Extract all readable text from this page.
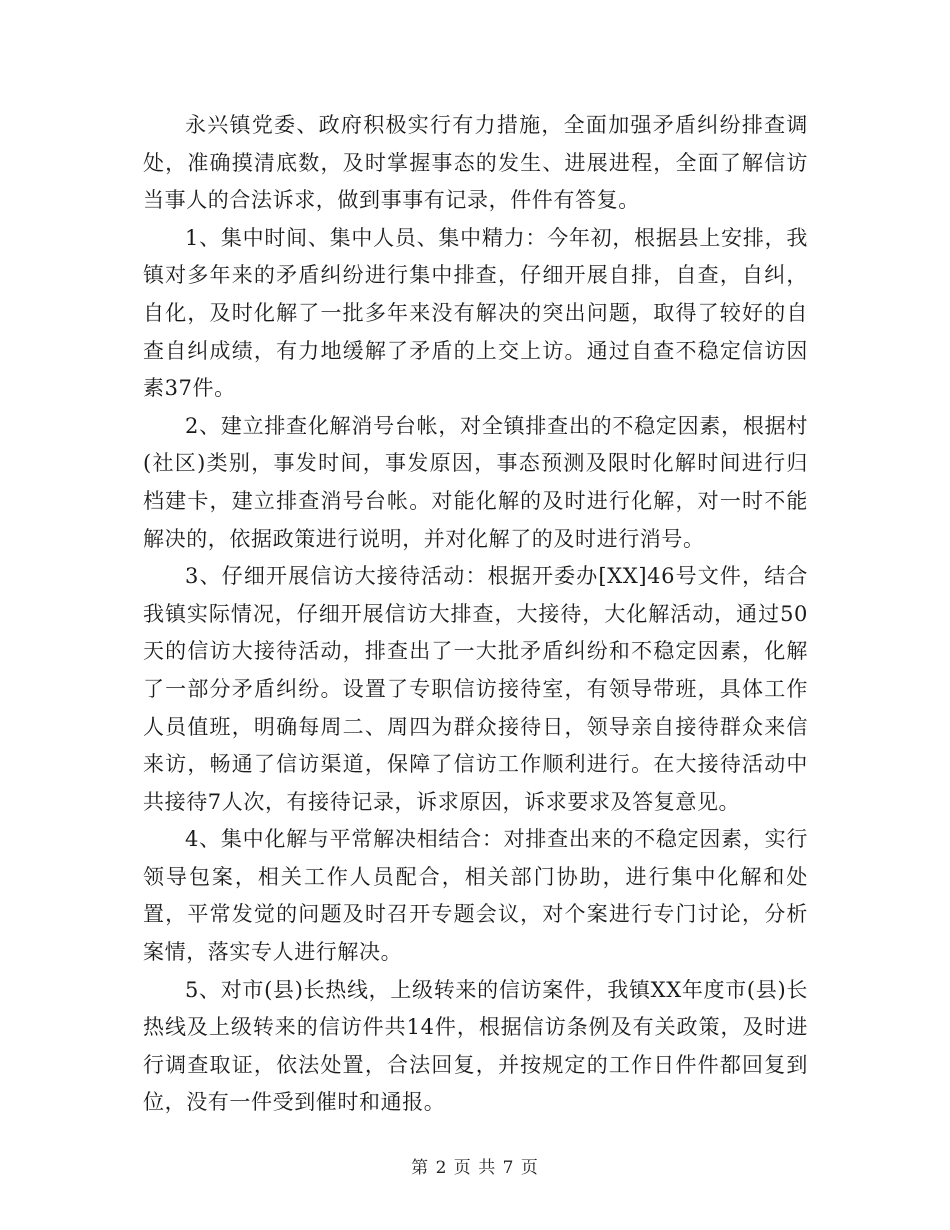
永兴镇党委、政府积极实行有力措施，全面加强矛盾纠纷排查调处，准确摸清底数，及时掌握事态的发生、进展进程，全面了解信访当事人的合法诉求，做到事事有记录，件件有答复。

1、集中时间、集中人员、集中精力：今年初，根据县上安排，我镇对多年来的矛盾纠纷进行集中排查，仔细开展自排，自查，自纠，自化，及时化解了一批多年来没有解决的突出问题，取得了较好的自查自纠成绩，有力地缓解了矛盾的上交上访。通过自查不稳定信访因素37件。

2、建立排查化解消号台帐，对全镇排查出的不稳定因素，根据村(社区)类别，事发时间，事发原因，事态预测及限时化解时间进行归档建卡，建立排查消号台帐。对能化解的及时进行化解，对一时不能解决的，依据政策进行说明，并对化解了的及时进行消号。

3、仔细开展信访大接待活动：根据开委办[XX]46号文件，结合我镇实际情况，仔细开展信访大排查，大接待，大化解活动，通过50天的信访大接待活动，排查出了一大批矛盾纠纷和不稳定因素，化解了一部分矛盾纠纷。设置了专职信访接待室，有领导带班，具体工作人员值班，明确每周二、周四为群众接待日，领导亲自接待群众来信来访，畅通了信访渠道，保障了信访工作顺利进行。在大接待活动中共接待7人次，有接待记录，诉求原因，诉求要求及答复意见。

4、集中化解与平常解决相结合：对排查出来的不稳定因素，实行领导包案，相关工作人员配合，相关部门协助，进行集中化解和处置，平常发觉的问题及时召开专题会议，对个案进行专门讨论，分析案情，落实专人进行解决。

5、对市(县)长热线，上级转来的信访案件，我镇XX年度市(县)长热线及上级转来的信访件共14件，根据信访条例及有关政策，及时进行调查取证，依法处置，合法回复，并按规定的工作日件件都回复到位，没有一件受到催时和通报。

第 2 页 共 7 页
